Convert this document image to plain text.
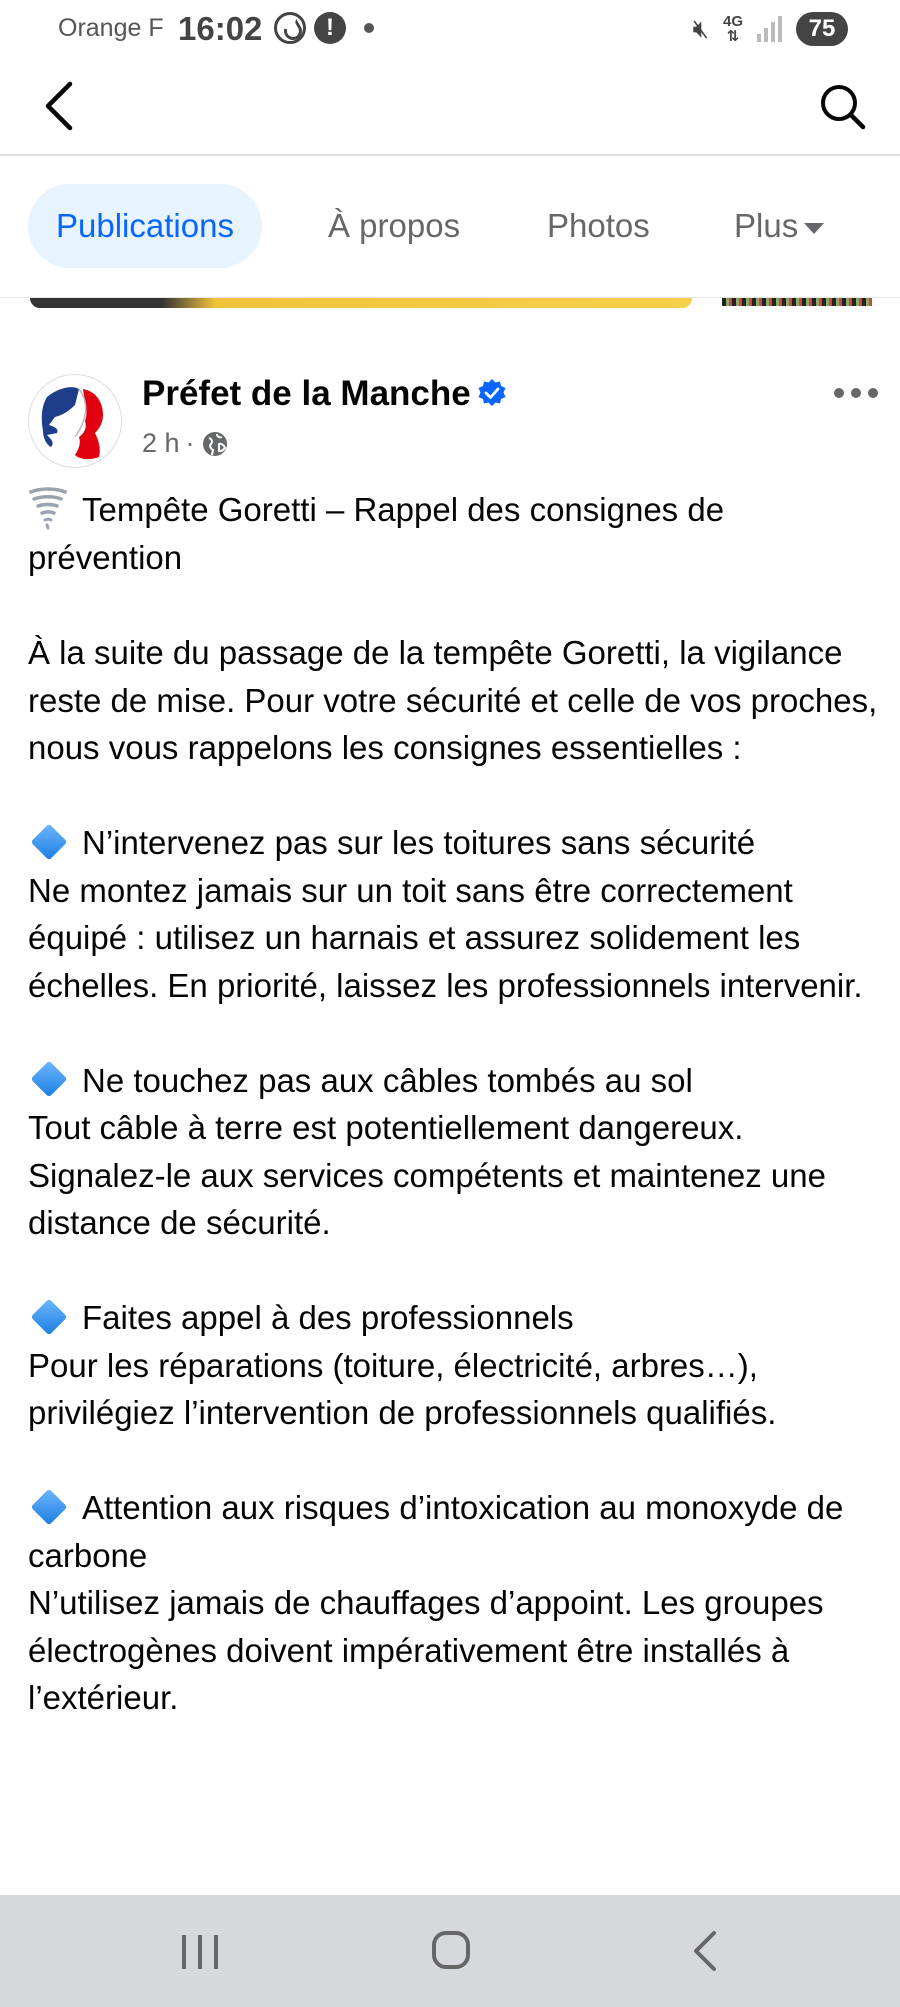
Orange F 16:02	!	🔇︎ 4G
⇅	75
Publications	À propos	Photos	Plus
Préfet de la Manche
2 h ·
Tempête Goretti – Rappel des consignes de prévention
À la suite du passage de la tempête Goretti, la vigilance reste de mise. Pour votre sécurité et celle de vos proches, nous vous rappelons les consignes essentielles :
N’intervenez pas sur les toitures sans sécurité
Ne montez jamais sur un toit sans être correctement équipé : utilisez un harnais et assurez solidement les échelles. En priorité, laissez les professionnels intervenir.
Ne touchez pas aux câbles tombés au sol
Tout câble à terre est potentiellement dangereux. Signalez-le aux services compétents et maintenez une distance de sécurité.
Faites appel à des professionnels
Pour les réparations (toiture, électricité, arbres…), privilégiez l’intervention de professionnels qualifiés.
Attention aux risques d’intoxication au monoxyde de carbone
N’utilisez jamais de chauffages d’appoint. Les groupes électrogènes doivent impérativement être installés à l’extérieur.
